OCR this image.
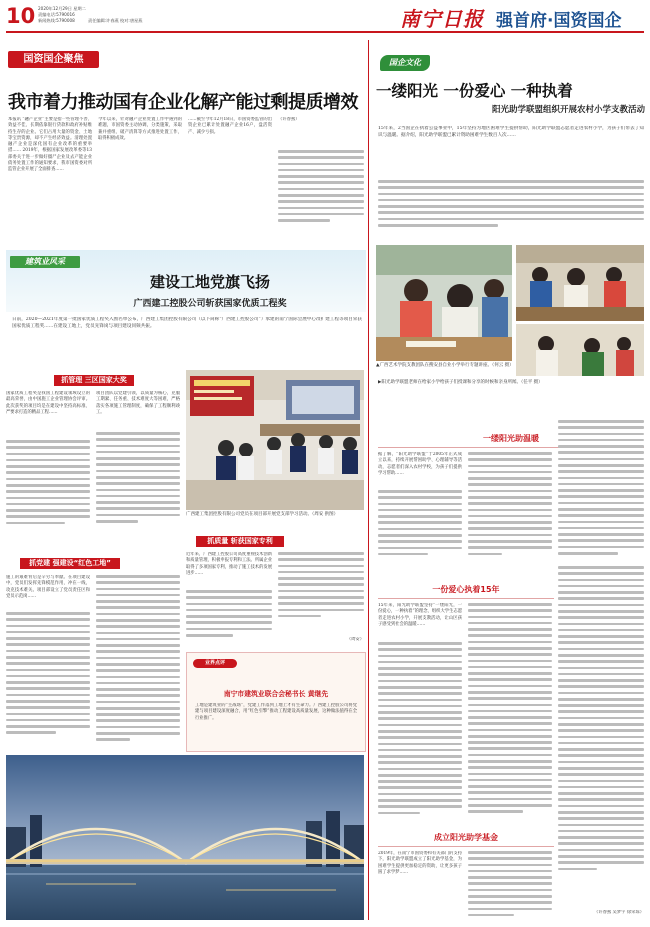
10 2020年12月29日 星期二
责编电话:5790016
新闻热线:5790008	责任编辑:许春燕 校对:唐星燕	南宁日报 强首府·国资国企
国资国企聚焦
我市着力推动国有企业化解产能过剩提质增效
本报讯 “融产企业”主要是指一些管理不善、效益不佳、长期依靠银行贷款和政府补贴维持生存的企业。它们占用大量的资金、土地等宝贵资源，却不产生经济效益。清理处置融产企业是深化国有企业改革的重要举措…… 2019年，根据国家发展改革委等13部委关于进一步做好僵尸企业及去产能企业债务处置工作的通知要求，我市国资委对所监管企业开展了全面排查……
今年以来，针对融产企业处置工作中遇到的难题，市国资委主动协调，分类施策，采取兼并重组、破产清算等方式推进处置工作，取得积极成效。
……截至今年12月18日，市国资委监管的出资企业已累计处置融产企业16户，盘活资产、减少亏损。
（许春燕）
建筑业风采
建设工地党旗飞扬
广西建工控股公司斩获国家优质工程奖
日前，2020—2021年度第一批国家优质工程奖入围名单公布，广西建工集团控股有限公司（以下简称“广西建工控股公司”）承建的南宁国际会展中心改扩建工程等项目荣获国家优质工程奖……在建设工地上，党员先锋岗与项目建设同频共振。
抓管理 三区国家大奖
国家优质工程奖是我国工程建设领域设立的最高荣誉，由中国施工企业管理协会评审。此次获奖的项目均是在建设中坚持高标准、严要求打造的精品工程……
项目团队以党建引领，以质量为核心，克服工期紧、任务重、技术难度大等困难，严格落实各项施工管理制度，确保了工程顺利竣工。
广西建工集团控股有限公司党员在项目部开展党支部学习活动。（周安 供图）
抓党建 强建设“红色工地”
施工的艰难背后是辛劳与奉献。在项目建设中，党员们发挥先锋模范作用，冲在一线，攻克技术难关。项目部设立了党员责任区和党员示范岗……
抓质量 斩获国家专利
近年来，广西建工控股公司高度重视技术创新和质量管理，积极申报专利和工法。所属企业取得了多项国家专利，推动了施工技术的发展进步……
（周安）
业界点评
南宁市建筑业联合会秘书长 黄继先
工地是建筑业的“主战场”，党建工作落到工地上才有生命力。广西建工控股公司将党建与项目建设深度融合，用“红色引擎”推动工程建设高质量发展，这种做法值得在全行业推广。
国企文化
一缕阳光 一份爱心 一种执着
阳光助学联盟组织开展农村小学支教活动
15年来，2当国企在执着公益事业中，15年坚持为地区困难学生提供帮助，阳光助学联盟志愿者走进农村小学，为孩子们带去了知识与温暖。据介绍，阳光助学联盟已累计资助困难学生数百人次……
▲广西艺术学院支教团队在搜安县自业小学举行专题讲座。（何云 摄）
▶阳光助学联盟老师在给家小学给孩子们授课和分享的时候和亲身所闻。（任平 摄）
一缕阳光助温暖
据了解，“阳光助学联盟”于2005年正式成立以来，持续开展帮困助学、心理辅导等活动，志愿者们深入农村学校，为孩子们提供学习帮助……
一份爱心执着15年
15年来，阳光助学联盟坚持“一缕阳光，一份爱心，一种执着”的理念，组织大学生志愿者走进农村小学，开展支教活动，让山区孩子感受到社会的温暖……
成立阳光助学基金
2019年，在南宁市国资委和有关部门的支持下，阳光助学联盟成立了阳光助学基金，为困难学生提供更加稳定的资助，让更多孩子圆了求学梦……
（许春燕 吴梦宇 徐荣琼）
